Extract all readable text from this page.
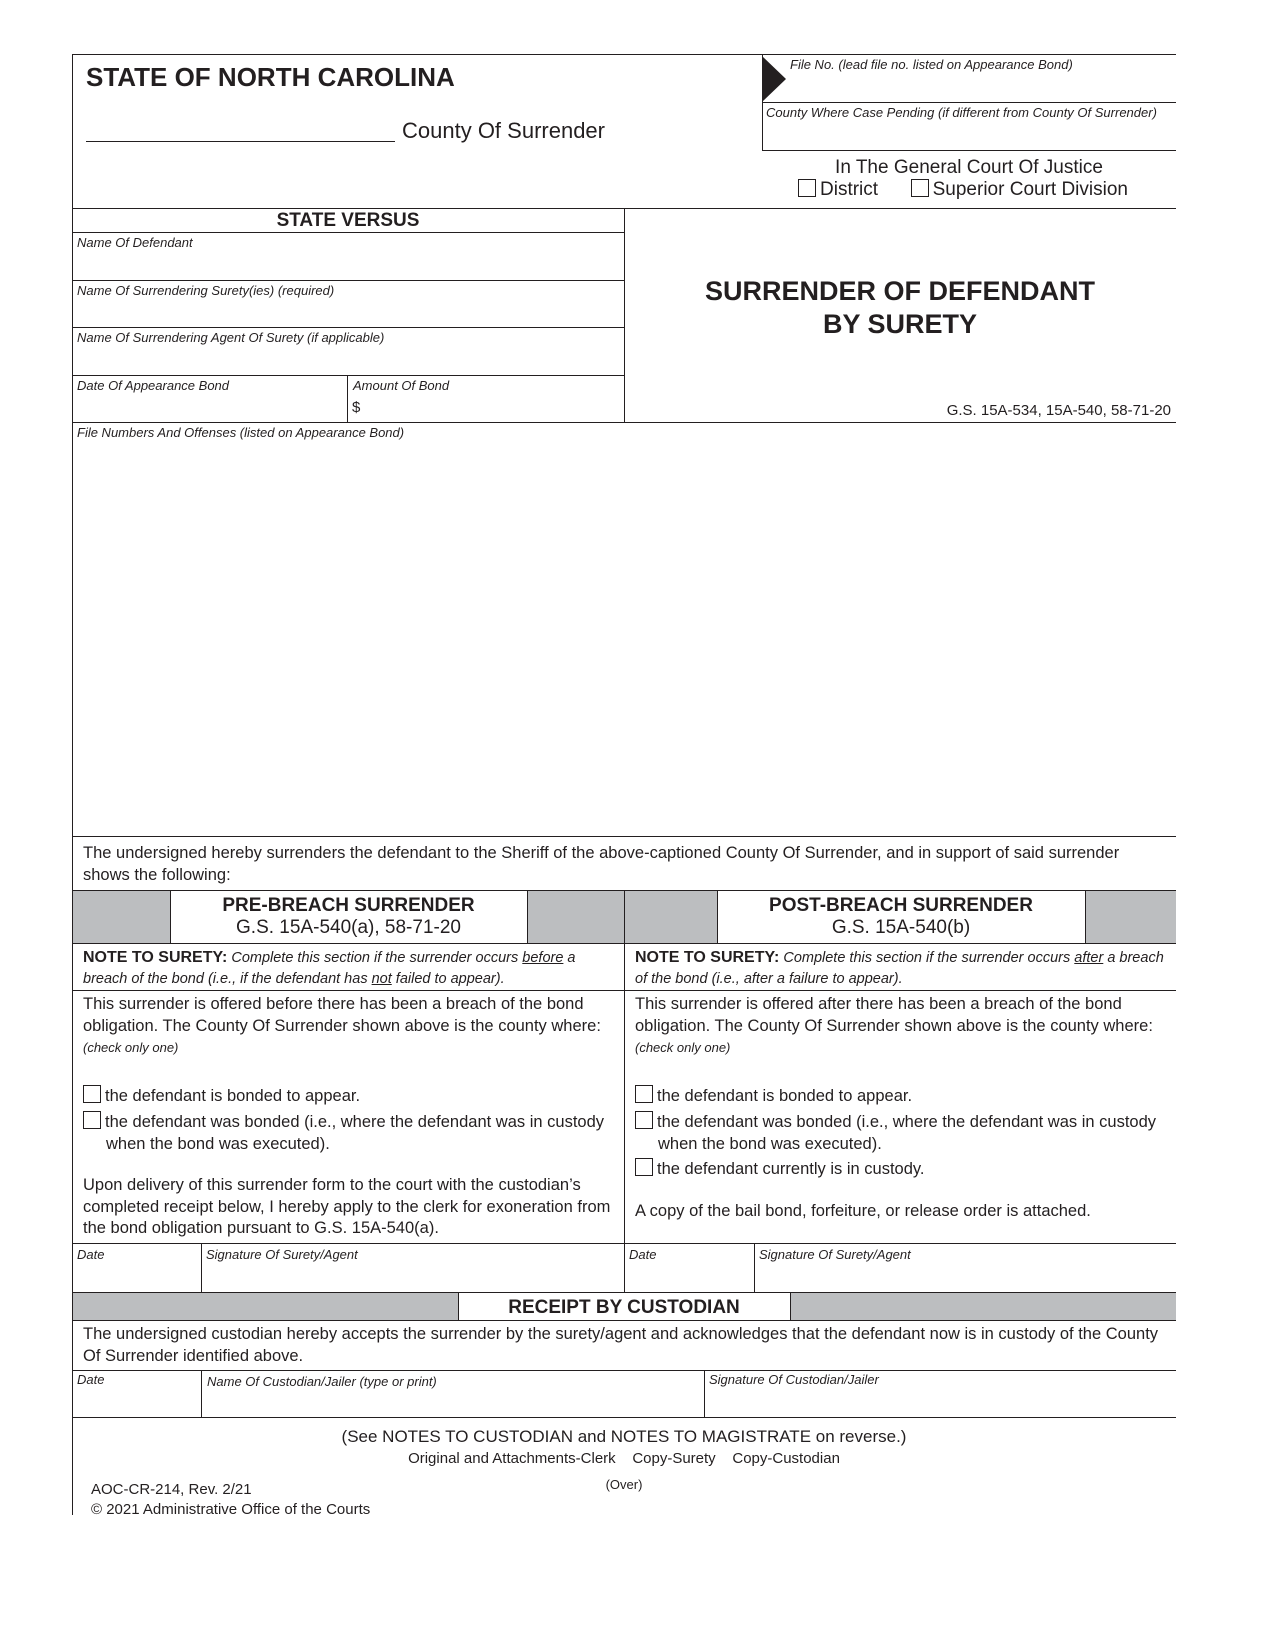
STATE OF NORTH CAROLINA
County Of Surrender
File No. (lead file no. listed on Appearance Bond)
County Where Case Pending (if different from County Of Surrender)
In The General Court Of Justice
District	Superior Court Division
STATE VERSUS
Name Of Defendant
Name Of Surrendering Surety(ies) (required)
Name Of Surrendering Agent Of Surety (if applicable)
Date Of Appearance Bond	Amount Of Bond
$
SURRENDER OF DEFENDANT
BY SURETY
G.S. 15A-534, 15A-540, 58-71-20
File Numbers And Offenses (listed on Appearance Bond)
The undersigned hereby surrenders the defendant to the Sheriff of the above-captioned County Of Surrender, and in support of said surrender shows the following:
PRE-BREACH SURRENDER
G.S. 15A-540(a), 58-71-20
POST-BREACH SURRENDER
G.S. 15A-540(b)
NOTE TO SURETY: Complete this section if the surrender occurs before a breach of the bond (i.e., if the defendant has not failed to appear).
NOTE TO SURETY: Complete this section if the surrender occurs after a breach of the bond (i.e., after a failure to appear).
This surrender is offered before there has been a breach of the bond obligation. The County Of Surrender shown above is the county where: (check only one)
the defendant is bonded to appear.
the defendant was bonded (i.e., where the defendant was in custody when the bond was executed).
Upon delivery of this surrender form to the court with the custodian’s completed receipt below, I hereby apply to the clerk for exoneration from the bond obligation pursuant to G.S. 15A-540(a).
This surrender is offered after there has been a breach of the bond obligation. The County Of Surrender shown above is the county where: (check only one)
the defendant is bonded to appear.
the defendant was bonded (i.e., where the defendant was in custody when the bond was executed).
the defendant currently is in custody.
A copy of the bail bond, forfeiture, or release order is attached.
Date	Signature Of Surety/Agent	Date	Signature Of Surety/Agent
RECEIPT BY CUSTODIAN
The undersigned custodian hereby accepts the surrender by the surety/agent and acknowledges that the defendant now is in custody of the County Of Surrender identified above.
Date	Name Of Custodian/Jailer (type or print)	Signature Of Custodian/Jailer
(See NOTES TO CUSTODIAN and NOTES TO MAGISTRATE on reverse.)
Original and Attachments-Clerk    Copy-Surety    Copy-Custodian
(Over)
AOC-CR-214, Rev. 2/21
© 2021 Administrative Office of the Courts
